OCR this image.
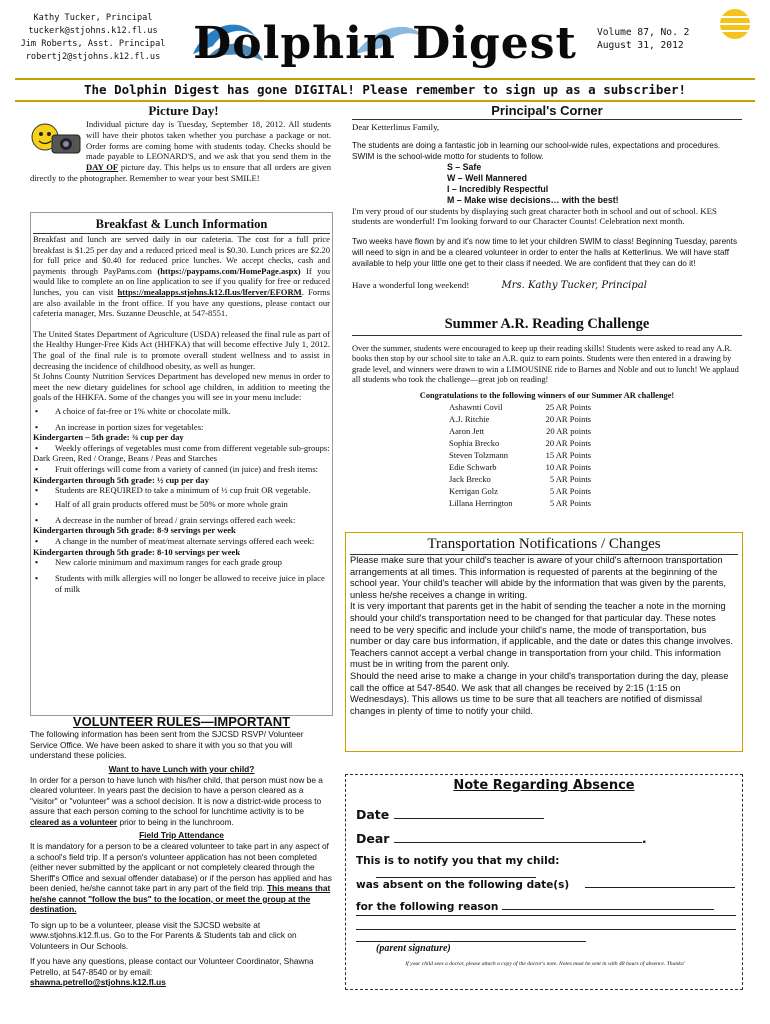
Kathy Tucker, Principal
tuckerk@stjohns.k12.fl.us
Jim Roberts, Asst. Principal
robertj2@stjohns.k12.fl.us Dolphin Digest	Volume 87, No. 2
August 31, 2012
The Dolphin Digest has gone DIGITAL! Please remember to sign up as a subscriber!
Picture Day!
Individual picture day is Tuesday, September 18, 2012. All students will have their photos taken whether you purchase a package or not. Order forms are coming home with students today. Checks should be made payable to LEONARD'S, and we ask that you send them in the DAY OF picture day. This helps us to ensure that all orders are given directly to the photographer. Remember to wear your best SMILE!
Breakfast & Lunch Information

Breakfast and lunch are served daily in our cafeteria. The cost for a full price breakfast is $1.25 per day and a reduced priced meal is $0.30. Lunch prices are $2.20 for full price and $0.40 for reduced price lunches. We accept checks, cash and payments through PayPams.com (https://paypams.com/HomePage.aspx) If you would like to complete an on line application to see if you qualify for free or reduced lunches, you can visit https://mealapps.stjohns.k12.fl.us/lferver/EFORM. Forms are also available in the front office. If you have any questions, please contact our cafeteria manager, Mrs. Suzanne Deuschle, at 547-8551.

The United States Department of Agriculture (USDA) released the final rule as part of the Healthy Hunger-Free Kids Act (HHFKA) that will become effective July 1, 2012. The goal of the final rule is to promote overall student wellness and to assist in decreasing the incidence of childhood obesity, as well as hunger.

St Johns County Nutrition Services Department has developed new menus in order to meet the new dietary guidelines for school age children, in addition to meeting the goals of the HHKFA. Some of the changes you will see in your menu include:

• A choice of fat-free or 1% white or chocolate milk.
• An increase in portion sizes for vegetables:
Kindergarten – 5th grade: ¾ cup per day
• Weekly offerings of vegetables must come from different vegetable sub-groups:

Dark Green, Red / Orange, Beans / Peas and Starches

• Fruit offerings will come from a variety of canned (in juice) and fresh items:
Kindergarten through 5th grade: ½ cup per day
• Students are REQUIRED to take a minimum of ½ cup fruit OR vegetable.
• Half of all grain products offered must be 50% or more whole grain
• A decrease in the number of bread / grain servings offered each week:
Kindergarten through 5th grade: 8-9 servings per week
• A change in the number of meat/meat alternate servings offered each week:
Kindergarten through 5th grade: 8-10 servings per week
• New calorie minimum and maximum ranges for each grade group
• Students with milk allergies will no longer be allowed to receive juice in place of milk
VOLUNTEER RULES—IMPORTANT

The following information has been sent from the SJCSD RSVP/ Volunteer Service Office. We have been asked to share it with you so that you will understand these policies.

Want to have Lunch with your child?

In order for a person to have lunch with his/her child, that person must now be a cleared volunteer. In years past the decision to have a person cleared as a "visitor" or "volunteer" was a school decision. It is now a district-wide process to assure that each person coming to the school for lunchtime activity is to be cleared as a volunteer prior to being in the lunchroom.

Field Trip Attendance

It is mandatory for a person to be a cleared volunteer to take part in any aspect of a school's field trip. If a person's volunteer application has not been completed (either never submitted by the applicant or not completely cleared through the Sheriff's Office and sexual offender database) or if the person has applied and has been denied, he/she cannot take part in any part of the field trip. This means that he/she cannot "follow the bus" to the location, or meet the group at the destination.

To sign up to be a volunteer, please visit the SJCSD website at www.stjohns.k12.fl.us. Go to the For Parents & Students tab and click on Volunteers in Our Schools.

If you have any questions, please contact our Volunteer Coordinator, Shawna Petrello, at 547-8540 or by email:

shawna.petrello@stjohns.k12.fl.us

Principal's Corner

Dear Ketterlinus Family,

The students are doing a fantastic job in learning our school-wide rules, expectations and procedures. SWIM is the school-wide motto for students to follow.

S – Safe
W – Well Mannered
I – Incredibly Respectful
M – Make wise decisions… with the best!

I'm very proud of our students by displaying such great character both in school and out of school. KES students are wonderful! I'm looking forward to our Character Counts! Celebration next month.

Two weeks have flown by and it's now time to let your children SWIM to class! Beginning Tuesday, parents will need to sign in and be a cleared volunteer in order to enter the halls at Ketterlinus. We will have staff available to help your little one get to their class if needed. We are confident that they can do it!

Have a wonderful long weekend!	Mrs. Kathy Tucker, Principal

Summer A.R. Reading Challenge

Over the summer, students were encouraged to keep up their reading skills! Students were asked to read any A.R. books then stop by our school site to take an A.R. quiz to earn points. Students were then entered in a drawing by grade level, and winners were drawn to win a LIMOUSINE ride to Barnes and Noble and out to lunch! We applaud all students who took the challenge—great job on reading!

Congratulations to the following winners of our Summer AR challenge!

Ashawnti Covil	25 AR Points
A.J. Ritchie	20 AR Points
Aaron Jett	20 AR points
Sophia Brecko	20 AR Points
Steven Tolzmann	15 AR Points
Edie Schwarb	10 AR Points
Jack Brecko	5 AR Points
Kerrigan Golz	5 AR Points
Lillana Herrington	5 AR Points
Transportation Notifications / Changes

Please make sure that your child's teacher is aware of your child's afternoon transportation arrangements at all times. This information is requested of parents at the beginning of the school year. Your child's teacher will abide by the information that was given by the parents, unless he/she receives a change in writing.

It is very important that parents get in the habit of sending the teacher a note in the morning should your child's transportation need to be changed for that particular day. These notes need to be very specific and include your child's name, the mode of transportation, bus number or day care bus information, if applicable, and the date or dates this change involves. Teachers cannot accept a verbal change in transportation from your child. This information must be in writing from the parent only.

Should the need arise to make a change in your child's transportation during the day, please call the office at 547-8540. We ask that all changes be received by 2:15 (1:15 on Wednesdays). This allows us time to be sure that all teachers are notified of dismissal changes in plenty of time to notify your child.

Note Regarding Absence
Date
Dear	.
This is to notify you that my child:
was absent on the following date(s)
for the following reason
(parent signature)
If your child sees a doctor, please attach a copy of the doctor's note. Notes must be sent in with 48 hours of absence. Thanks!
